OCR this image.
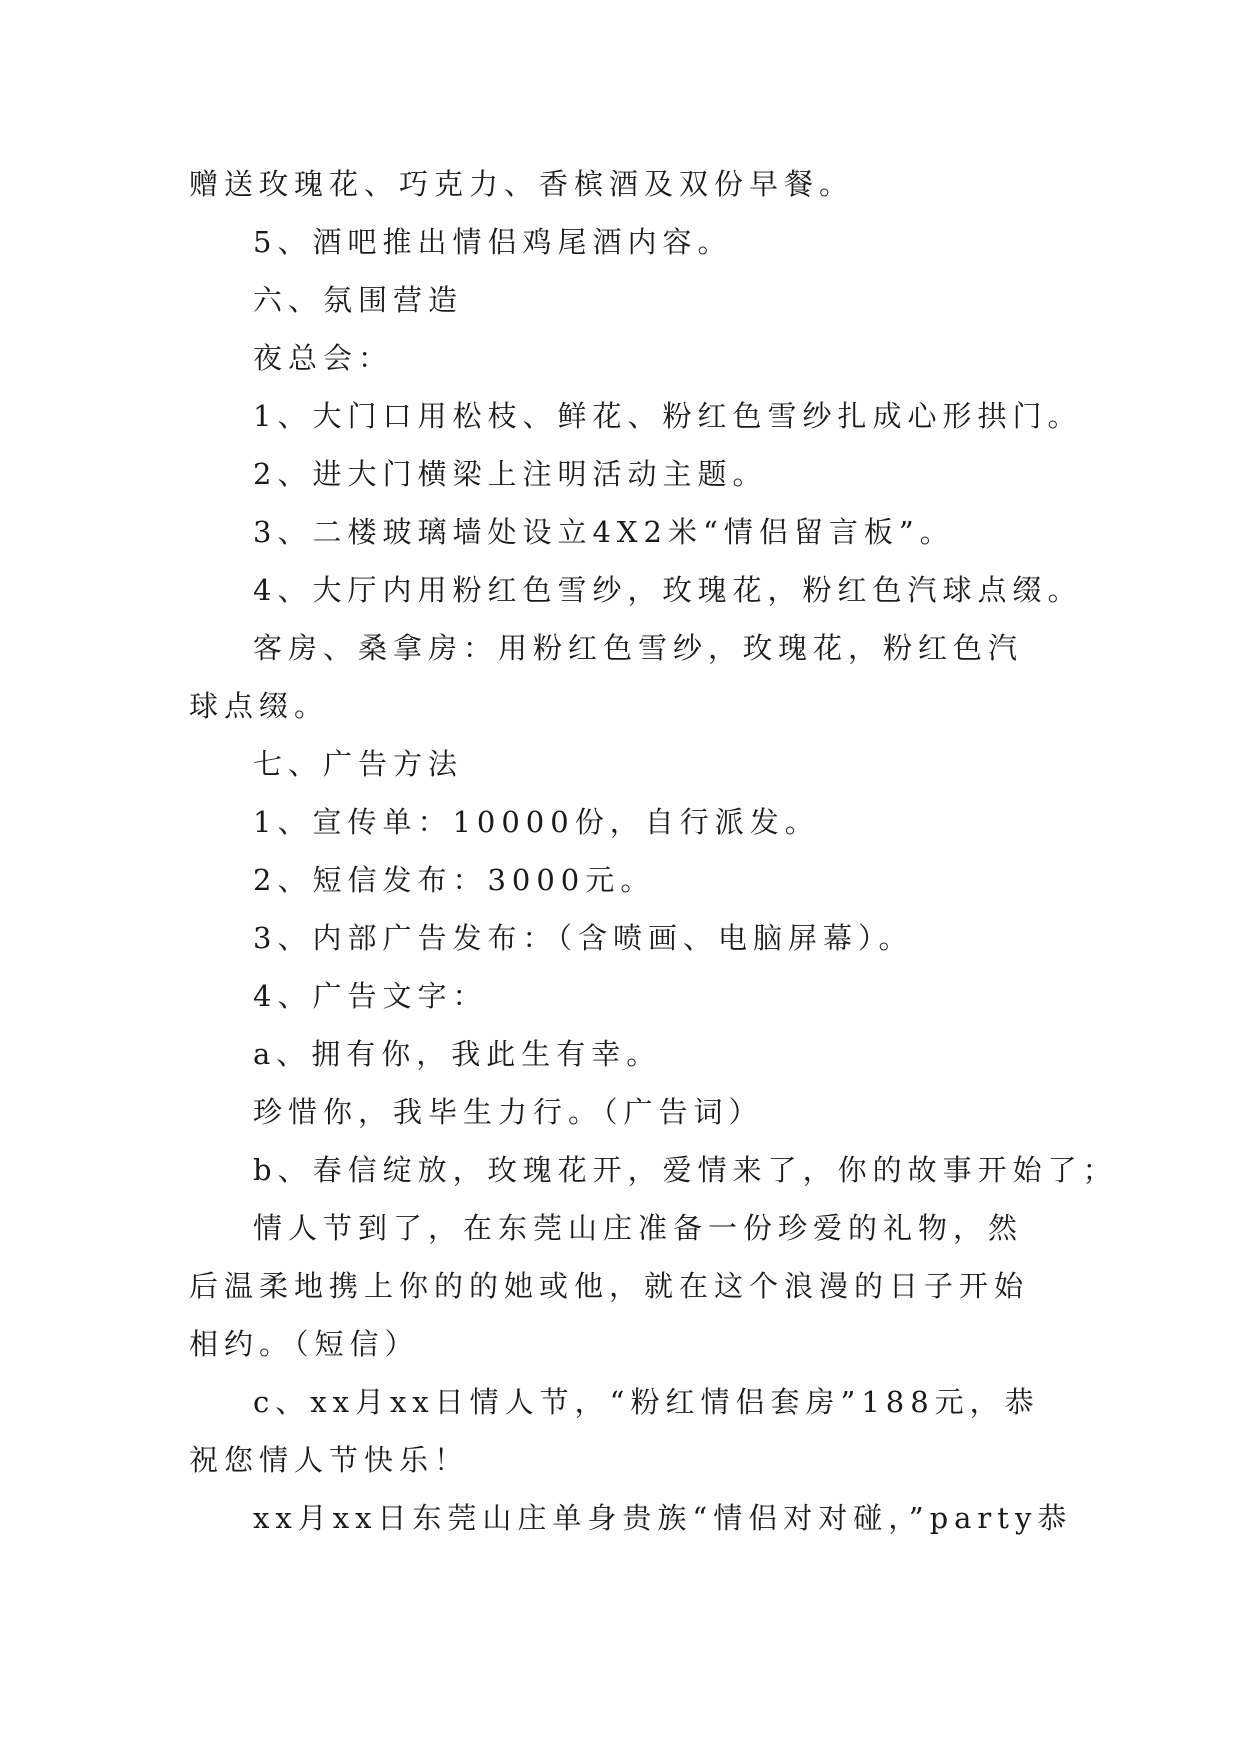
赠送玫瑰花、巧克力、香槟酒及双份早餐。

5、酒吧推出情侣鸡尾酒内容。

六、氛围营造

夜总会：

1、大门口用松枝、鲜花、粉红色雪纱扎成心形拱门。

2、进大门横梁上注明活动主题。

3、二楼玻璃墙处设立4X2米“情侣留言板”。

4、大厅内用粉红色雪纱，玫瑰花，粉红色汽球点缀。

客房、桑拿房：用粉红色雪纱，玫瑰花，粉红色汽球点缀。

七、广告方法

1、宣传单：10000份，自行派发。

2、短信发布：3000元。

3、内部广告发布：（含喷画、电脑屏幕）。

4、广告文字：

a、拥有你，我此生有幸。

珍惜你，我毕生力行。（广告词）

b、春信绽放，玫瑰花开，爱情来了，你的故事开始了；

情人节到了，在东莞山庄准备一份珍爱的礼物，然后温柔地携上你的的她或他，就在这个浪漫的日子开始相约。（短信）

c、xx月xx日情人节，“粉红情侣套房”188元，恭祝您情人节快乐！

xx月xx日东莞山庄单身贵族“情侣对对碰，”party恭
